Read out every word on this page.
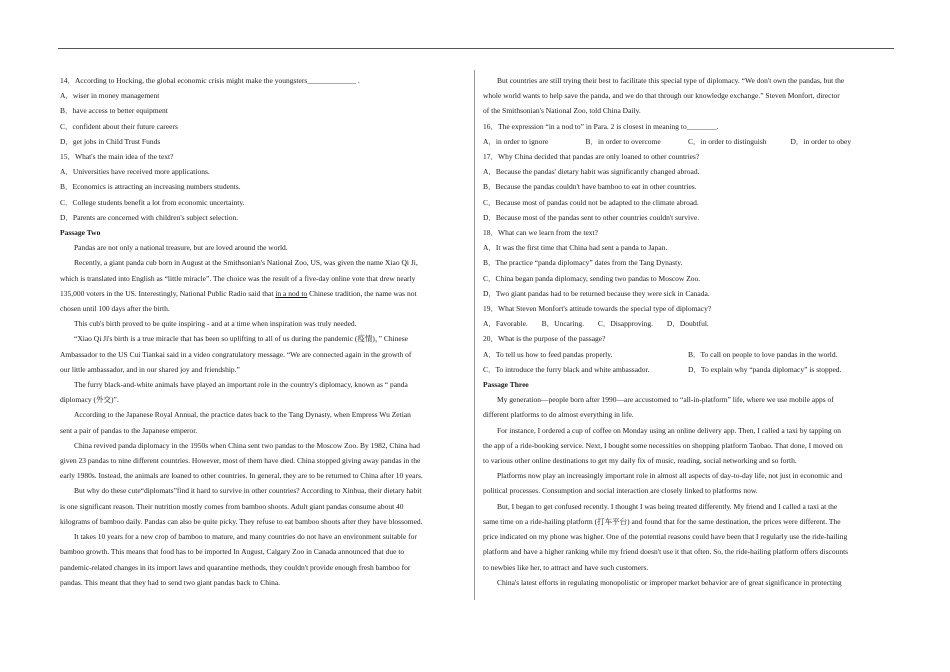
14．According to Hocking, the global economic crisis might make the youngsters_____________ .
A．wiser in money management
B．have access to better equipment
C．confident about their future careers
D．get jobs in Child Trust Funds
15．What's the main idea of the text?
A．Universities have received more applications.
B．Economics is attracting an increasing numbers students.
C．College students benefit a lot from economic uncertainty.
D．Parents are concerned with children's subject selection.
Passage Two
Pandas are not only a national treasure, but are loved around the world.
Recently, a giant panda cub born in August at the Smithsonian's National Zoo, US, was given the name Xiao Qi Ji,
which is translated into English as “little miracle”. The choice was the result of a five-day online vote that drew nearly
135,000 voters in the US. Interestingly, National Public Radio said that in a nod to Chinese tradition, the name was not
chosen until 100 days after the birth.
This cub's birth proved to be quite inspiring - and at a time when inspiration was truly needed.
“Xiao Qi Ji's birth is a true miracle that has been so uplifting to all of us during the pandemic (疫情)，” Chinese
Ambassador to the US Cui Tiankai said in a video congratulatory message. “We are connected again in the growth of
our little ambassador, and in our shared joy and friendship.”
The furry black-and-white animals have played an important role in the country's diplomacy, known as “ panda
diplomacy (外交)”.
According to the Japanese Royal Annual, the practice dates back to the Tang Dynasty, when Empress Wu Zetian
sent a pair of pandas to the Japanese emperor.
China revived panda diplomacy in the 1950s when China sent two pandas to the Moscow Zoo. By 1982, China had
given 23 pandas to nine different countries. However, most of them have died. China stopped giving away pandas in the
early 1980s. Instead, the animals are loaned to other countries. In general, they are to be returned to China after 10 years.
But why do these cute“diplomats”find it hard to survive in other countries? According to Xinhua, their dietary habit
is one significant reason. Their nutrition mostly comes from bamboo shoots. Adult giant pandas consume about 40
kilograms of bamboo daily. Pandas can also be quite picky. They refuse to eat bamboo shoots after they have blossomed.
It takes 10 years for a new crop of bamboo to mature, and many countries do not have an environment suitable for
bamboo growth. This means that food has to be imported In August, Calgary Zoo in Canada announced that due to
pandemic-related changes in its import laws and quarantine methods, they couldn't provide enough fresh bamboo for
pandas. This meant that they had to send two giant pandas back to China.
But countries are still trying their best to facilitate this special type of diplomacy. “We don't own the pandas, but the
whole world wants to help save the panda, and we do that through our knowledge exchange.” Steven Monfort, director
of the Smithsonian's National Zoo, told China Daily.
16．The expression “in a nod to” in Para. 2 is closest in meaning to________.
A．in order to ignore	B．in order to overcome	C．in order to distinguish	D．in order to obey
17．Why China decided that pandas are only loaned to other countries?
A．Because the pandas' dietary habit was significantly changed abroad.
B．Because the pandas couldn't have bamboo to eat in other countries.
C．Because most of pandas could not be adapted to the climate abroad.
D．Because most of the pandas sent to other countries couldn't survive.
18．What can we learn from the text?
A．It was the first time that China had sent a panda to Japan.
B．The practice “panda diplomacy” dates from the Tang Dynasty.
C．China began panda diplomacy, sending two pandas to Moscow Zoo.
D．Two giant pandas had to be returned because they were sick in Canada.
19．What Steven Monfort's attitude towards the special type of diplomacy?
A．Favorable. B．Uncaring. C．Disapproving. D．Doubtful.
20．What is the purpose of the passage?
A．To tell us how to feed pandas properly.	B．To call on people to love pandas in the world.
C．To introduce the furry black and white ambassador.	D．To explain why “panda diplomacy” is stopped.
Passage Three
My generation—people born after 1990—are accustomed to “all-in-platform” life, where we use mobile apps of
different platforms to do almost everything in life.
For instance, I ordered a cup of coffee on Monday using an online delivery app. Then, I called a taxi by tapping on
the app of a ride-booking service. Next, I bought some necessities on shopping platform Taobao. That done, I moved on
to various other online destinations to get my daily fix of music, reading, social networking and so forth.
Platforms now play an increasingly important role in almost all aspects of day-to-day life, not just in economic and
political processes. Consumption and social interaction are closely linked to platforms now.
But, I began to get confused recently. I thought I was being treated differently. My friend and I called a taxi at the
same time on a ride-hailing platform (打车平台) and found that for the same destination, the prices were different. The
price indicated on my phone was higher. One of the potential reasons could have been that I regularly use the ride-hailing
platform and have a higher ranking while my friend doesn't use it that often. So, the ride-hailing platform offers discounts
to newbies like her, to attract and have such customers.
China's latest efforts in regulating monopolistic or improper market behavior are of great significance in protecting
